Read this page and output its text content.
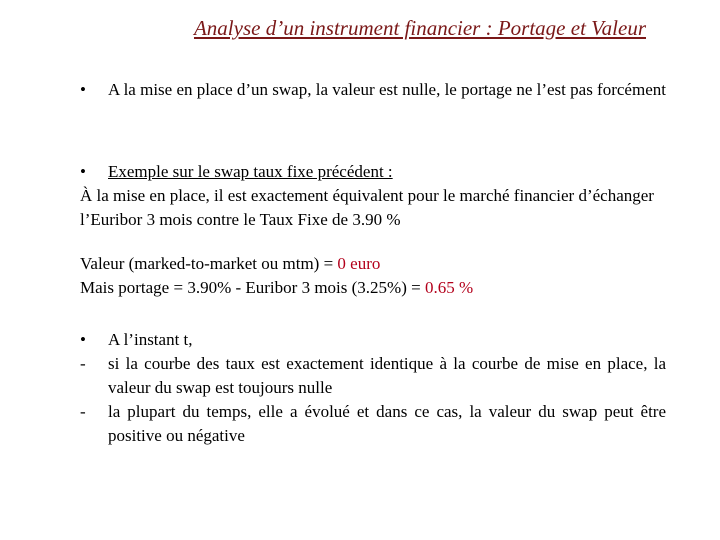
Analyse d’un instrument financier : Portage et Valeur
•	A la mise en place d’un swap, la valeur est nulle, le portage ne l’est pas forcément
•	Exemple sur le swap taux fixe précédent :
À la mise en place, il est exactement équivalent pour le marché financier d’échanger l’Euribor 3 mois contre le Taux Fixe de 3.90 %
Valeur (marked-to-market ou mtm) = 0 euro
Mais portage = 3.90% - Euribor 3 mois (3.25%) = 0.65 %
•	A l’instant t,
-	si la courbe des taux est exactement identique à la courbe de mise en place, la valeur du swap est toujours nulle
-	la plupart du temps, elle a évolué et dans ce cas, la valeur du swap peut être positive ou négative
